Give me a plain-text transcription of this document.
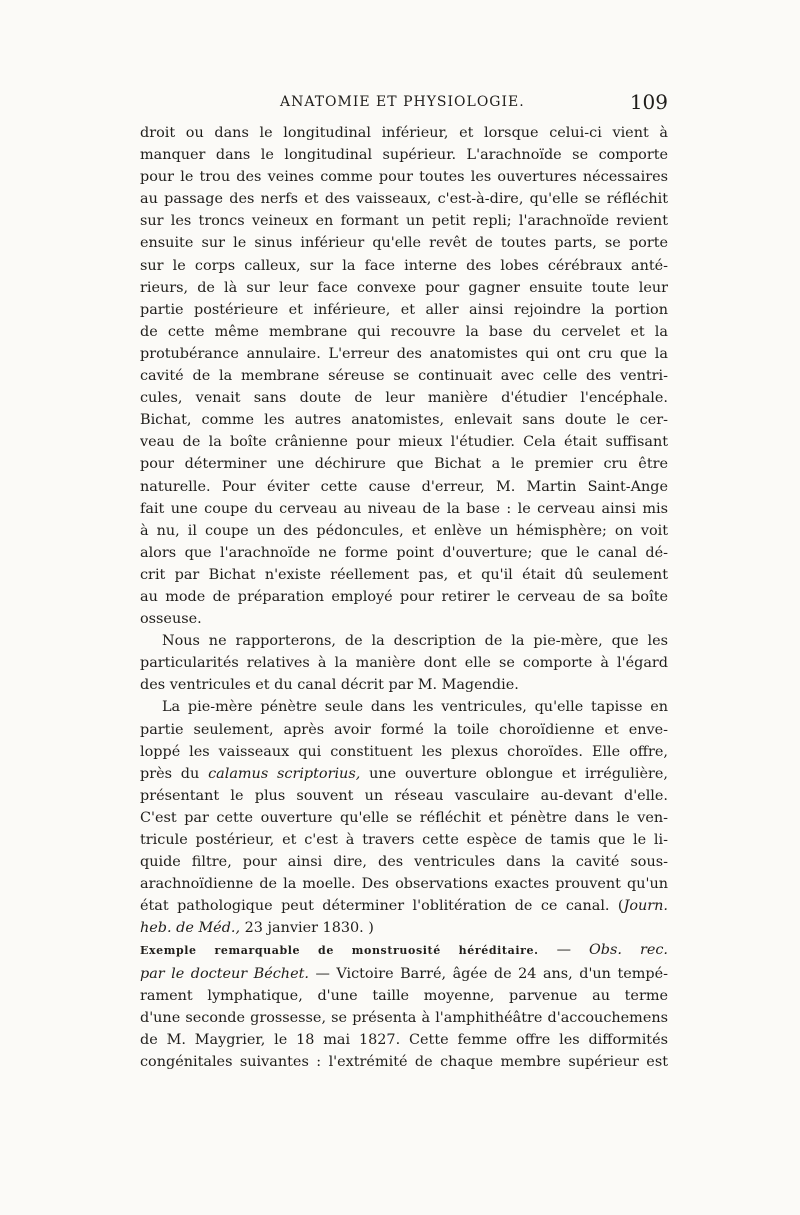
ANATOMIE ET PHYSIOLOGIE.	109
droit ou dans le longitudinal inférieur, et lorsque celui-ci vient à
manquer dans le longitudinal supérieur. L'arachnoïde se comporte
pour le trou des veines comme pour toutes les ouvertures nécessaires
au passage des nerfs et des vaisseaux, c'est-à-dire, qu'elle se réfléchit
sur les troncs veineux en formant un petit repli; l'arachnoïde revient
ensuite sur le sinus inférieur qu'elle revêt de toutes parts, se porte
sur le corps calleux, sur la face interne des lobes cérébraux anté-
rieurs, de là sur leur face convexe pour gagner ensuite toute leur
partie postérieure et inférieure, et aller ainsi rejoindre la portion
de cette même membrane qui recouvre la base du cervelet et la
protubérance annulaire. L'erreur des anatomistes qui ont cru que la
cavité de la membrane séreuse se continuait avec celle des ventri-
cules, venait sans doute de leur manière d'étudier l'encéphale.
Bichat, comme les autres anatomistes, enlevait sans doute le cer-
veau de la boîte crânienne pour mieux l'étudier. Cela était suffisant
pour déterminer une déchirure que Bichat a le premier cru être
naturelle. Pour éviter cette cause d'erreur, M. Martin Saint-Ange
fait une coupe du cerveau au niveau de la base : le cerveau ainsi mis
à nu, il coupe un des pédoncules, et enlève un hémisphère; on voit
alors que l'arachnoïde ne forme point d'ouverture; que le canal dé-
crit par Bichat n'existe réellement pas, et qu'il était dû seulement
au mode de préparation employé pour retirer le cerveau de sa boîte
osseuse.
Nous ne rapporterons, de la description de la pie-mère, que les
particularités relatives à la manière dont elle se comporte à l'égard
des ventricules et du canal décrit par M. Magendie.
La pie-mère pénètre seule dans les ventricules, qu'elle tapisse en
partie seulement, après avoir formé la toile choroïdienne et enve-
loppé les vaisseaux qui constituent les plexus choroïdes. Elle offre,
près du calamus scriptorius, une ouverture oblongue et irrégulière,
présentant le plus souvent un réseau vasculaire au-devant d'elle.
C'est par cette ouverture qu'elle se réfléchit et pénètre dans le ven-
tricule postérieur, et c'est à travers cette espèce de tamis que le li-
quide filtre, pour ainsi dire, des ventricules dans la cavité sous-
arachnoïdienne de la moelle. Des observations exactes prouvent qu'un
état pathologique peut déterminer l'oblitération de ce canal. (Journ.
heb. de Méd., 23 janvier 1830. )
Exemple remarquable de monstruosité héréditaire. — Obs. rec.
par le docteur Béchet. — Victoire Barré, âgée de 24 ans, d'un tempé-
rament lymphatique, d'une taille moyenne, parvenue au terme
d'une seconde grossesse, se présenta à l'amphithéâtre d'accouchemens
de M. Maygrier, le 18 mai 1827. Cette femme offre les difformités
congénitales suivantes : l'extrémité de chaque membre supérieur est
